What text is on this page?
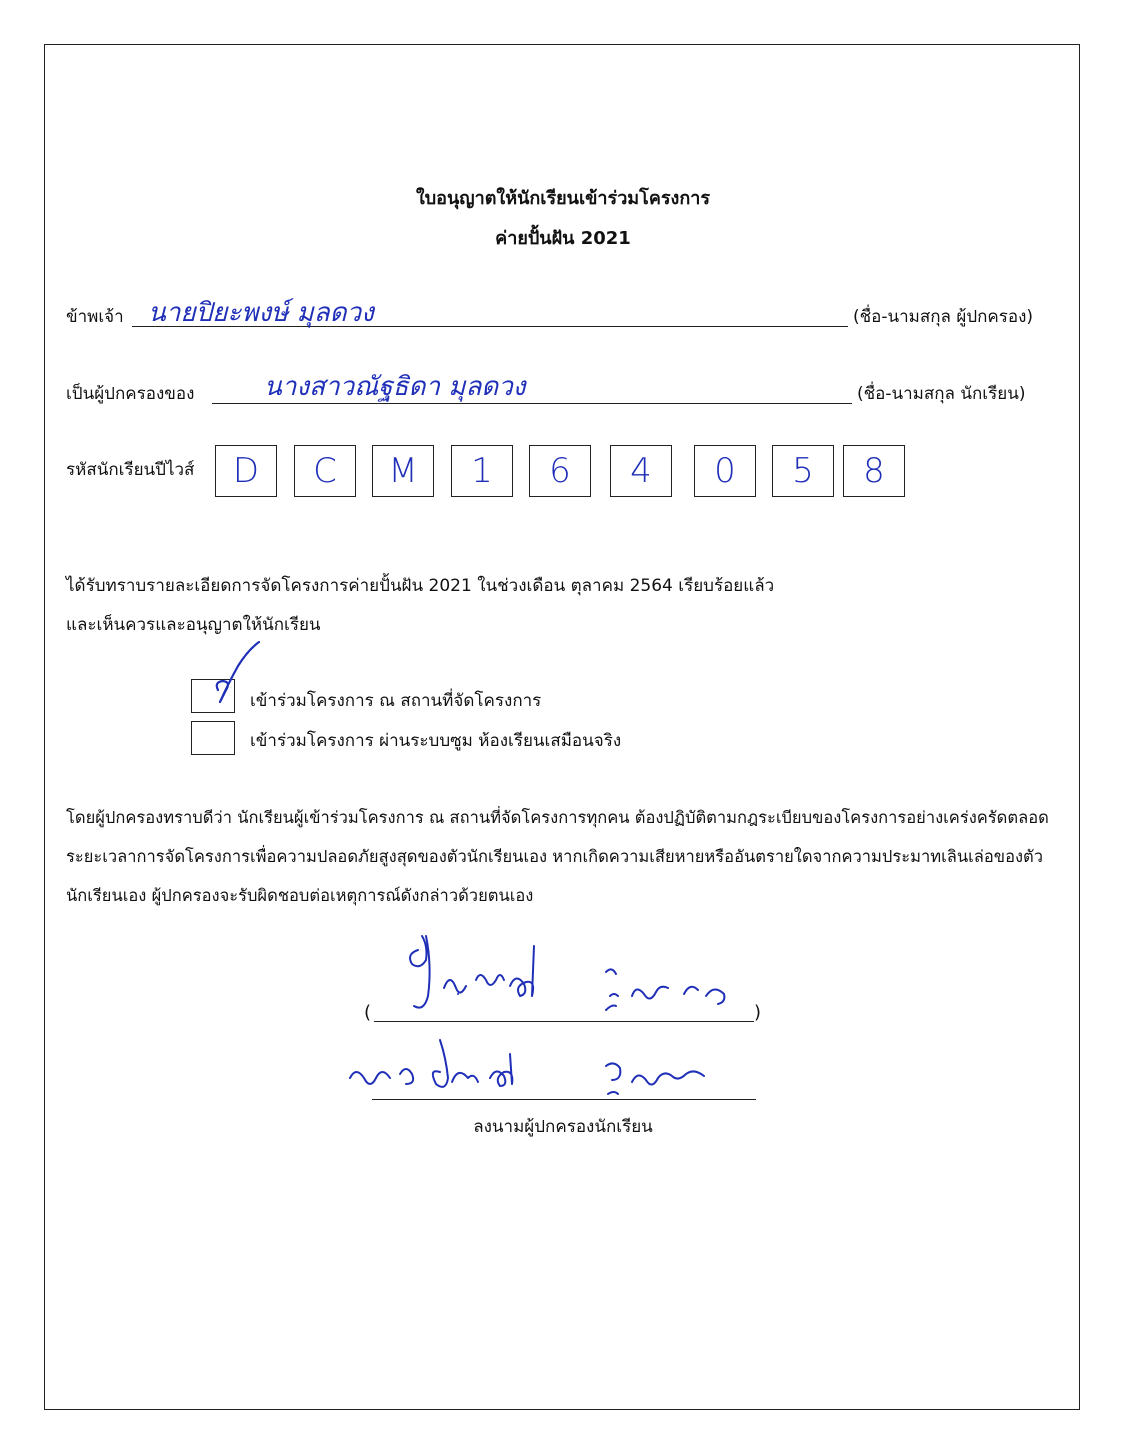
ใบอนุญาตให้นักเรียนเข้าร่วมโครงการ
ค่ายปั้นฝัน 2021
ข้าพเจ้า นายปิยะพงษ์ มุลดวง	(ชื่อ-นามสกุล ผู้ปกครอง)
เป็นผู้ปกครองของ	นางสาวณัฐธิดา มุลดวง	(ชื่อ-นามสกุล นักเรียน)
รหัสนักเรียนปีไวส์	D	C	M	1	6	4	0	5	8
ได้รับทราบรายละเอียดการจัดโครงการค่ายปั้นฝัน 2021 ในช่วงเดือน ตุลาคม 2564 เรียบร้อยแล้ว
และเห็นควรและอนุญาตให้นักเรียน
เข้าร่วมโครงการ ณ สถานที่จัดโครงการ
เข้าร่วมโครงการ ผ่านระบบซูม ห้องเรียนเสมือนจริง
โดยผู้ปกครองทราบดีว่า นักเรียนผู้เข้าร่วมโครงการ ณ สถานที่จัดโครงการทุกคน ต้องปฏิบัติตามกฎระเบียบของโครงการอย่างเคร่งครัดตลอดระยะเวลาการจัดโครงการเพื่อความปลอดภัยสูงสุดของตัวนักเรียนเอง หากเกิดความเสียหายหรืออันตรายใดจากความประมาทเลินเล่อของตัวนักเรียนเอง ผู้ปกครองจะรับผิดชอบต่อเหตุการณ์ดังกล่าวด้วยตนเอง
(	)
ลงนามผู้ปกครองนักเรียน
